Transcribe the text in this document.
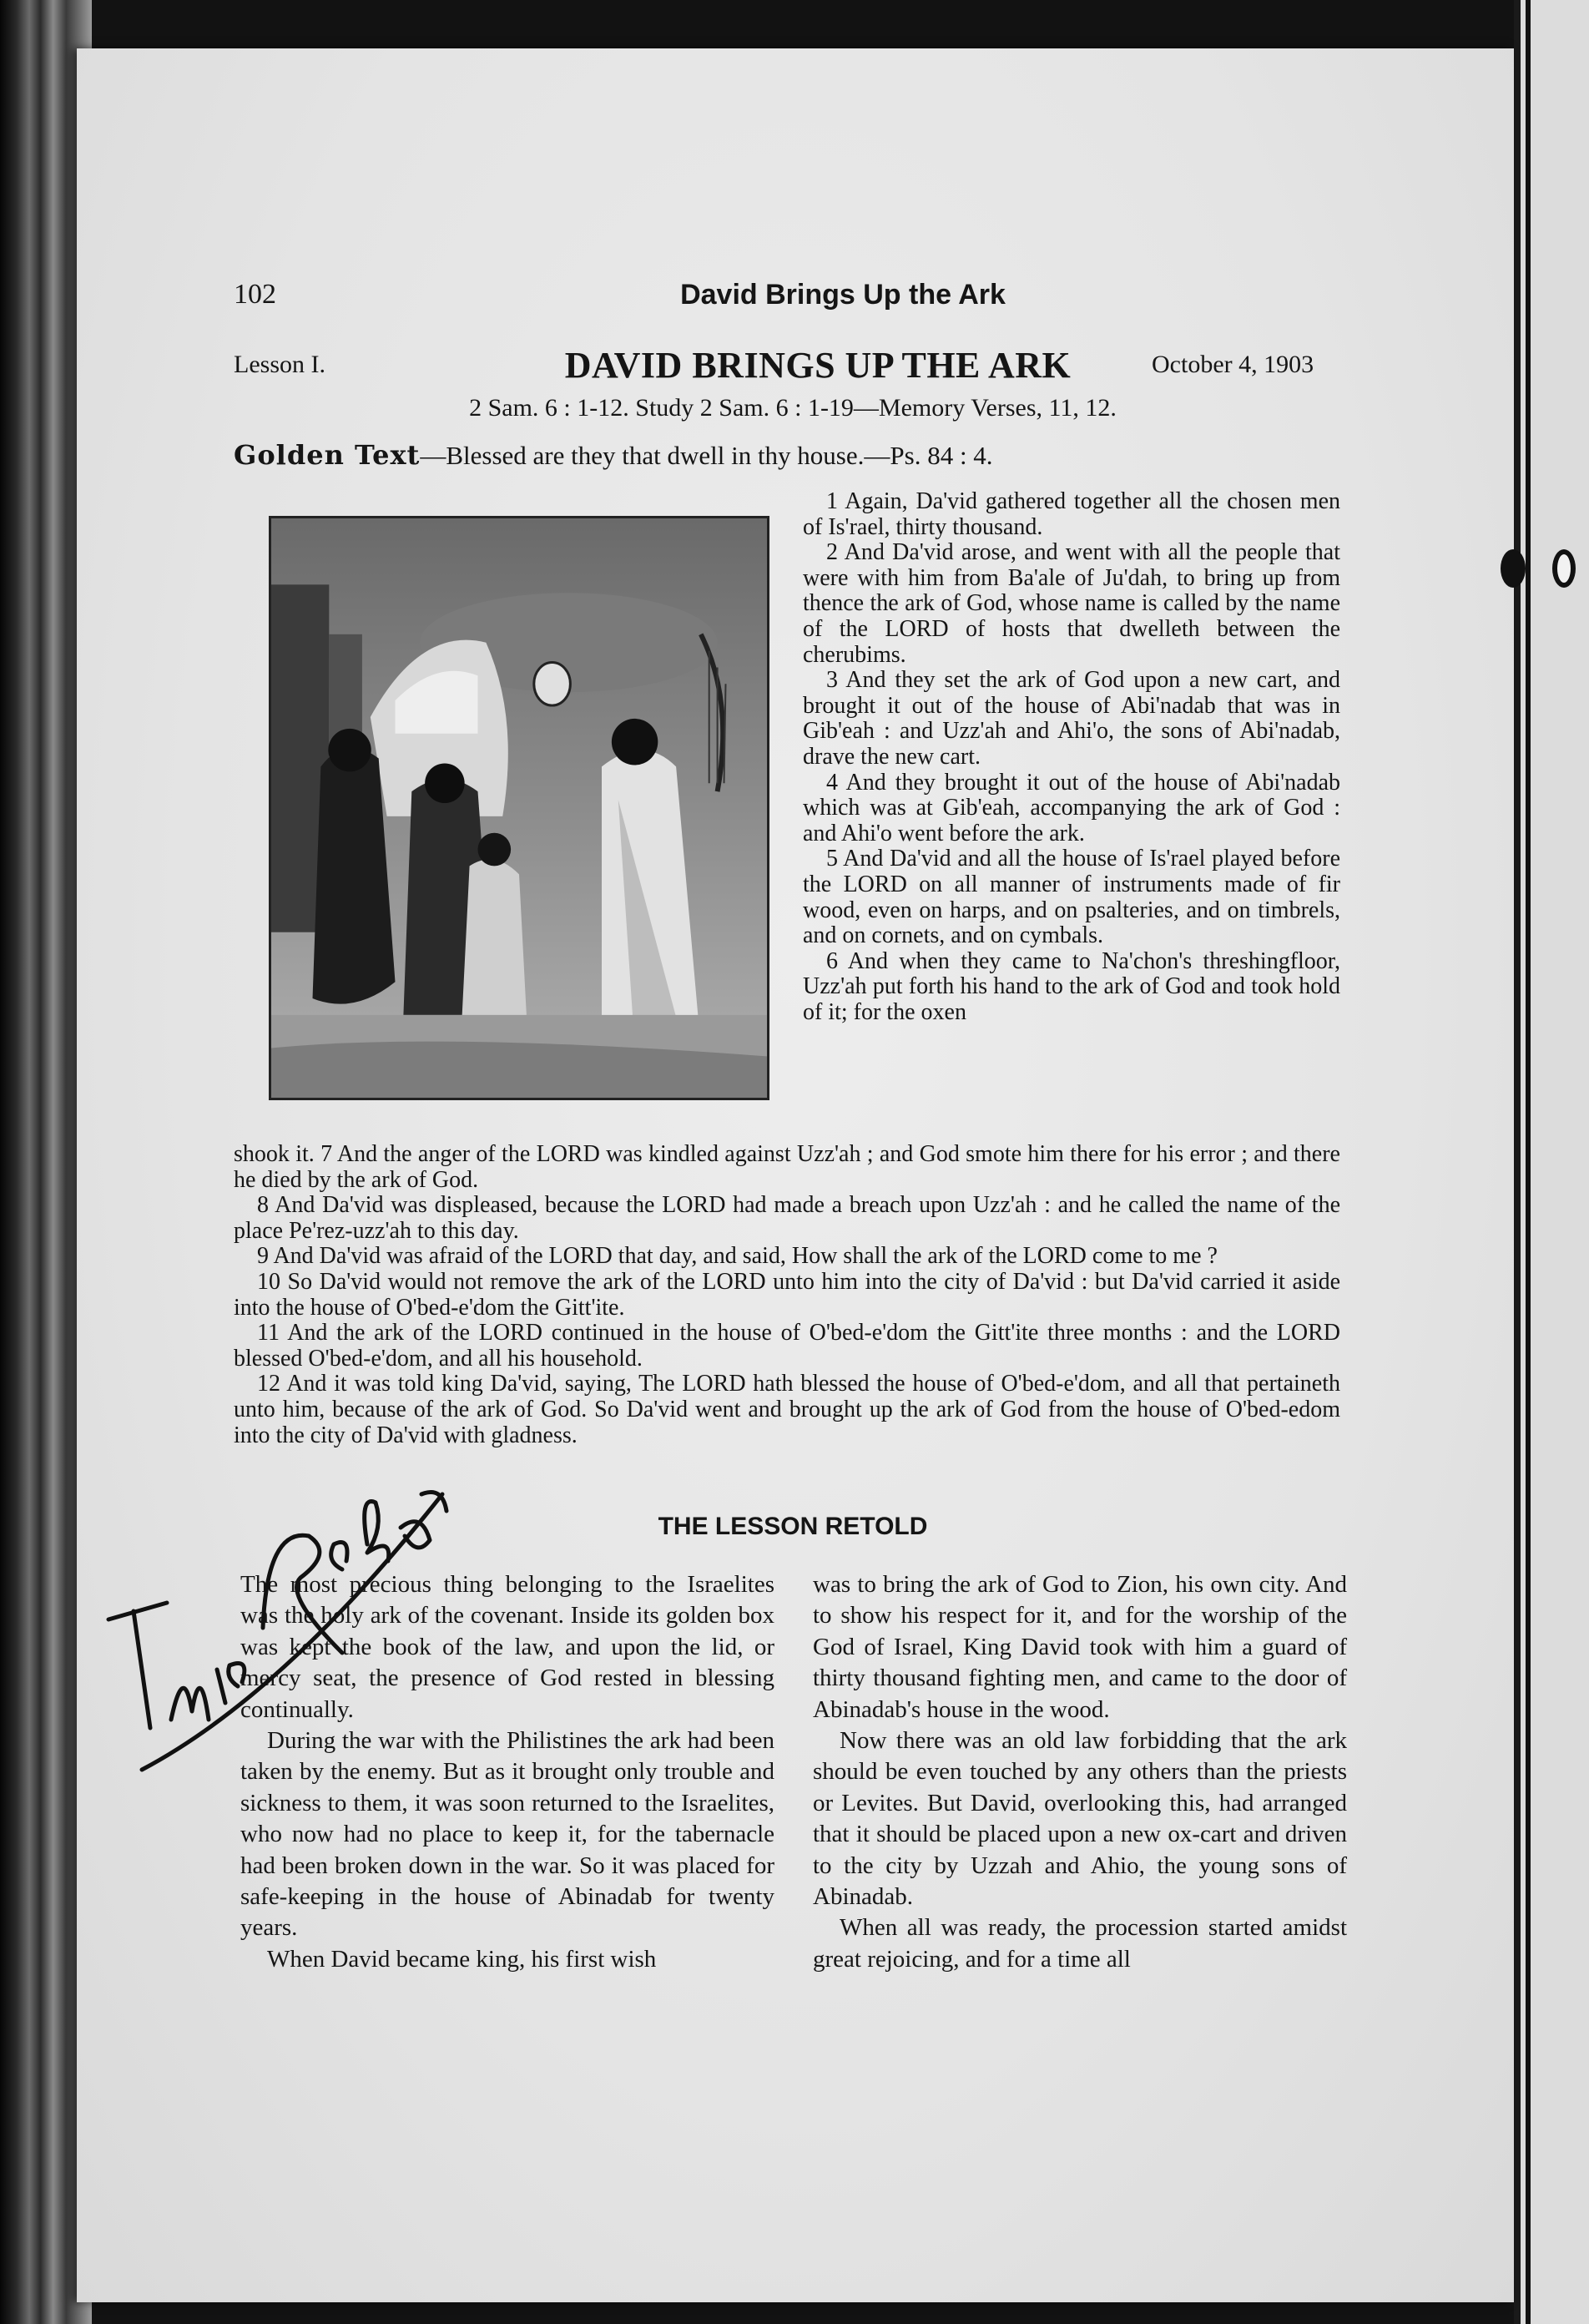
102	David Brings Up the Ark
Lesson I.	DAVID BRINGS UP THE ARK	October 4, 1903
2 Sam. 6 : 1-12. Study 2 Sam. 6 : 1-19—Memory Verses, 11, 12.
Golden Text—Blessed are they that dwell in thy house.—Ps. 84 : 4.

1 Again, Da'vid gathered together all the chosen men of Is'rael, thirty thousand.

2 And Da'vid arose, and went with all the people that were with him from Ba'ale of Ju'dah, to bring up from thence the ark of God, whose name is called by the name of the LORD of hosts that dwelleth between the cherubims.

3 And they set the ark of God upon a new cart, and brought it out of the house of Abi'nadab that was in Gib'eah : and Uzz'ah and Ahi'o, the sons of Abi'nadab, drave the new cart.

4 And they brought it out of the house of Abi'nadab which was at Gib'eah, accompanying the ark of God : and Ahi'o went before the ark.

5 And Da'vid and all the house of Is'rael played before the LORD on all manner of instruments made of fir wood, even on harps, and on psalteries, and on timbrels, and on cornets, and on cymbals.

6 And when they came to Na'chon's threshingfloor, Uzz'ah put forth his hand to the ark of God and took hold of it; for the oxen

shook it. 7 And the anger of the LORD was kindled against Uzz'ah ; and God smote him there for his error ; and there he died by the ark of God.

8 And Da'vid was displeased, because the LORD had made a breach upon Uzz'ah : and he called the name of the place Pe'rez-uzz'ah to this day.

9 And Da'vid was afraid of the LORD that day, and said, How shall the ark of the LORD come to me ?

10 So Da'vid would not remove the ark of the LORD unto him into the city of Da'vid : but Da'vid carried it aside into the house of O'bed-e'dom the Gitt'ite.

11 And the ark of the LORD continued in the house of O'bed-e'dom the Gitt'ite three months : and the LORD blessed O'bed-e'dom, and all his household.

12 And it was told king Da'vid, saying, The LORD hath blessed the house of O'bed-e'dom, and all that pertaineth unto him, because of the ark of God. So Da'vid went and brought up the ark of God from the house of O'bed-edom into the city of Da'vid with gladness.

THE LESSON RETOLD

The most precious thing belonging to the Israelites was the holy ark of the covenant. Inside its golden box was kept the book of the law, and upon the lid, or mercy seat, the presence of God rested in blessing continually.

During the war with the Philistines the ark had been taken by the enemy. But as it brought only trouble and sickness to them, it was soon returned to the Israelites, who now had no place to keep it, for the tabernacle had been broken down in the war. So it was placed for safe-keeping in the house of Abinadab for twenty years.

When David became king, his first wish

was to bring the ark of God to Zion, his own city. And to show his respect for it, and for the worship of the God of Israel, King David took with him a guard of thirty thousand fighting men, and came to the door of Abinadab's house in the wood.

Now there was an old law forbidding that the ark should be even touched by any others than the priests or Levites. But David, overlooking this, had arranged that it should be placed upon a new ox-cart and driven to the city by Uzzah and Ahio, the young sons of Abinadab.

When all was ready, the procession started amidst great rejoicing, and for a time all
